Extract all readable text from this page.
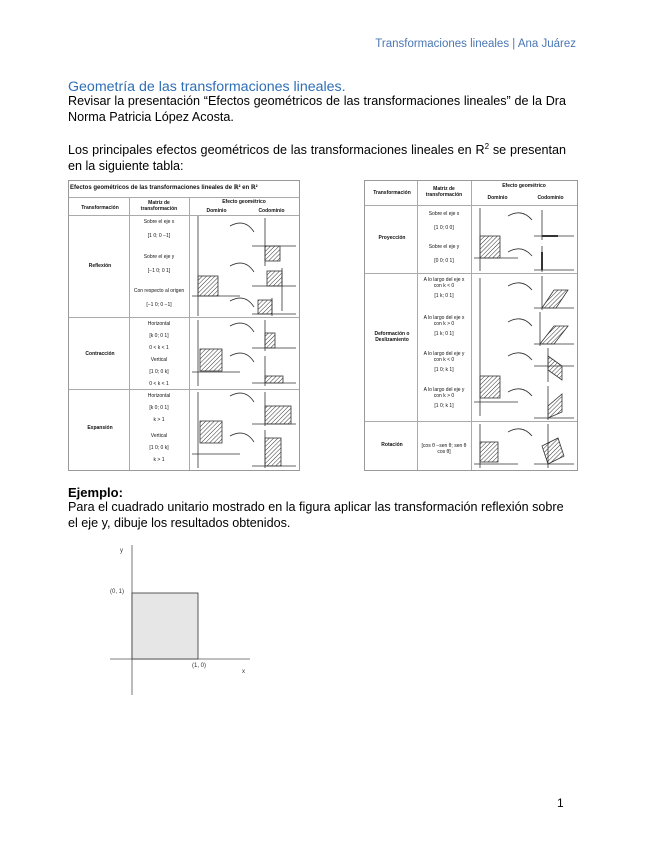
Transformaciones lineales | Ana Juárez
Geometría de las transformaciones lineales.
Revisar la presentación “Efectos geométricos de las transformaciones lineales” de la Dra Norma Patricia López Acosta.
Los principales efectos geométricos de las transformaciones lineales en $R^2$ se presentan en la siguiente tabla:
Efectos geométricos de las transformaciones lineales de ℝ² en ℝ²
Transformación
Matriz de transformación
Efecto geométrico
Dominio	Codominio
Reflexión
Contracción
Expansión
Sobre el eje x
[1 0; 0 −1]
Sobre el eje y
[−1 0; 0 1]
Con respecto al origen
[−1 0; 0 −1]
Horizontal
[k 0; 0 1]
0 < k < 1
Vertical
[1 0; 0 k]
0 < k < 1
Horizontal
[k 0; 0 1]
k > 1
Vertical
[1 0; 0 k]
k > 1
Transformación
Matriz de transformación
Efecto geométrico
Dominio	Codominio
Proyección
Deformación o Deslizamiento
Rotación
Sobre el eje x
[1 0; 0 0]
Sobre el eje y
[0 0; 0 1]
A lo largo del eje x con k < 0
[1 k; 0 1]
A lo largo del eje x con k > 0
[1 k; 0 1]
A lo largo del eje y con k < 0
[1 0; k 1]
A lo largo del eje y con k > 0
[1 0; k 1]
[cos θ −sen θ; sen θ cos θ]
Ejemplo:
Para el cuadrado unitario mostrado en la figura aplicar las transformación reflexión sobre el eje y, dibuje los resultados obtenidos.
y
x
(0, 1)
(1, 0)
1
